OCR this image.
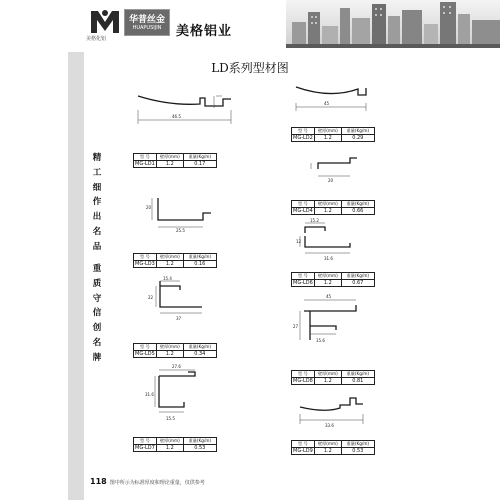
美格化铝
华普丝金
HUAPUSIJIN	美格铝业
精
工
细
作
出
名
品
重
质
守
信
创
名
牌
LD系列型材图
46.5
45
20
25.5
20
15.4
22
37
15.2
12
31.6
27.6
31.6
15.5
45
27
15.6
33.6
型 号	壁厚(mm)	重量(Kg/m)
MG-LD1	1.2	0.17
型 号	壁厚(mm)	重量(Kg/m)
MG-LD2	1.2	0.29
型 号	壁厚(mm)	重量(Kg/m)
MG-LD3	1.2	0.16
型 号	壁厚(mm)	重量(Kg/m)
MG-LD4	1.2	0.66
型 号	壁厚(mm)	重量(Kg/m)
MG-LD5	1.2	0.34
型 号	壁厚(mm)	重量(Kg/m)
MG-LD6	1.2	0.67
型 号	壁厚(mm)	重量(Kg/m)
MG-LD7	1.2	0.53
型 号	壁厚(mm)	重量(Kg/m)
MG-LD8	1.2	0.81
型 号	壁厚(mm)	重量(Kg/m)
MG-LD9	1.2	0.53
118 图中所示为标准厚度和理论重量，仅供参考
